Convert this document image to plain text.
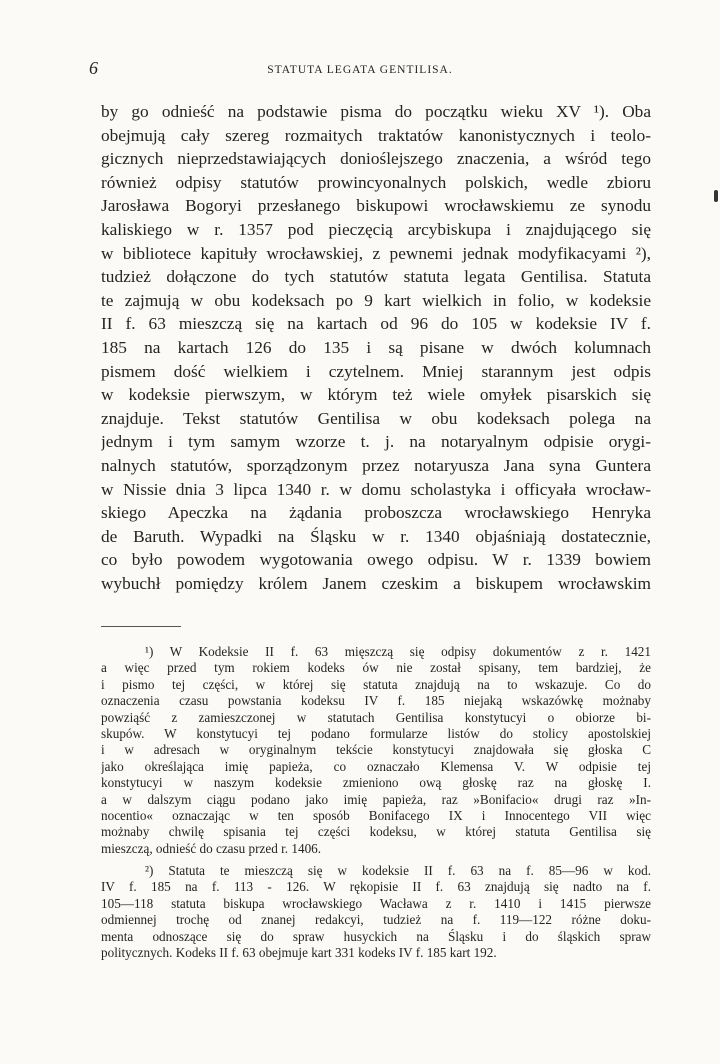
6	STATUTA LEGATA GENTILISA.
by go odnieść na podstawie pisma do początku wieku XV ¹). Oba
obejmują cały szereg rozmaitych traktatów kanonistycznych i teolo-
gicznych nieprzedstawiających donioślejszego znaczenia, a wśród tego
również odpisy statutów prowincyonalnych polskich, wedle zbioru
Jarosława Bogoryi przesłanego biskupowi wrocławskiemu ze synodu
kaliskiego w r. 1357 pod pieczęcią arcybiskupa i znajdującego się
w bibliotece kapituły wrocławskiej, z pewnemi jednak modyfikacyami ²),
tudzież dołączone do tych statutów statuta legata Gentilisa. Statuta
te zajmują w obu kodeksach po 9 kart wielkich in folio, w kodeksie
II f. 63 mieszczą się na kartach od 96 do 105 w kodeksie IV f.
185 na kartach 126 do 135 i są pisane w dwóch kolumnach
pismem dość wielkiem i czytelnem. Mniej starannym jest odpis
w kodeksie pierwszym, w którym też wiele omyłek pisarskich się
znajduje. Tekst statutów Gentilisa w obu kodeksach polega na
jednym i tym samym wzorze t. j. na notaryalnym odpisie orygi-
nalnych statutów, sporządzonym przez notaryusza Jana syna Guntera
w Nissie dnia 3 lipca 1340 r. w domu scholastyka i officyała wrocław-
skiego Apeczka na żądania proboszcza wrocławskiego Henryka
de Baruth. Wypadki na Śląsku w r. 1340 objaśniają dostatecznie,
co było powodem wygotowania owego odpisu. W r. 1339 bowiem
wybuchł pomiędzy królem Janem czeskim a biskupem wrocławskim
¹) W Kodeksie II f. 63 mięszczą się odpisy dokumentów z r. 1421
a więc przed tym rokiem kodeks ów nie został spisany, tem bardziej, że
i pismo tej części, w której się statuta znajdują na to wskazuje. Co do
oznaczenia czasu powstania kodeksu IV f. 185 niejaką wskazówkę możnaby
powziąść z zamieszczonej w statutach Gentilisa konstytucyi o obiorze bi-
skupów. W konstytucyi tej podano formularze listów do stolicy apostolskiej
i w adresach w oryginalnym tekście konstytucyi znajdowała się głoska C
jako określająca imię papieża, co oznaczało Klemensa V. W odpisie tej
konstytucyi w naszym kodeksie zmieniono ową głoskę raz na głoskę I.
a w dalszym ciągu podano jako imię papieża, raz »Bonifacio« drugi raz »In-
nocentio« oznaczając w ten sposób Bonifacego IX i Innocentego VII więc
możnaby chwilę spisania tej części kodeksu, w której statuta Gentilisa się
mieszczą, odnieść do czasu przed r. 1406.
²) Statuta te mieszczą się w kodeksie II f. 63 na f. 85—96 w kod.
IV f. 185 na f. 113 - 126. W rękopisie II f. 63 znajdują się nadto na f.
105—118 statuta biskupa wrocławskiego Wacława z r. 1410 i 1415 pierwsze
odmiennej trochę od znanej redakcyi, tudzież na f. 119—122 różne doku-
menta odnoszące się do spraw husyckich na Śląsku i do śląskich spraw
politycznych. Kodeks II f. 63 obejmuje kart 331 kodeks IV f. 185 kart 192.
